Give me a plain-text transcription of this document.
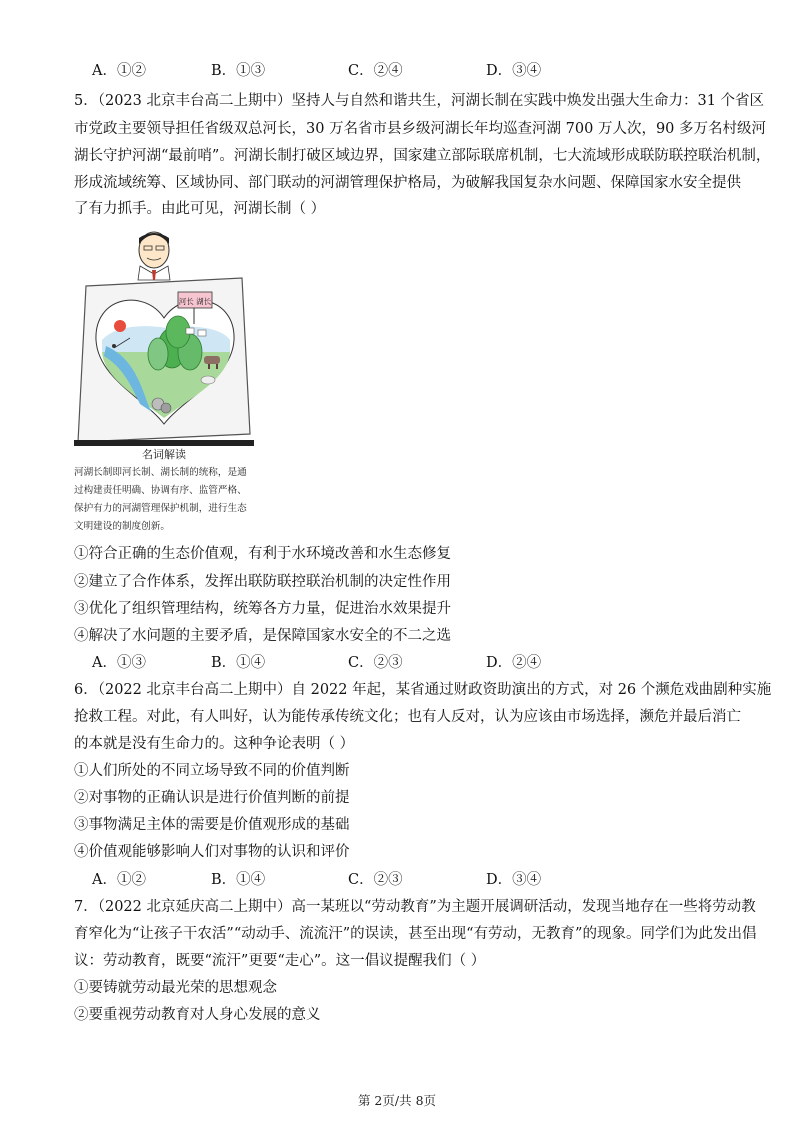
A．①②	B．①③	C．②④	D．③④
5．（2023 北京丰台高二上期中）坚持人与自然和谐共生，河湖长制在实践中焕发出强大生命力：31 个省区
市党政主要领导担任省级双总河长，30 万名省市县乡级河湖长年均巡查河湖 700 万人次，90 多万名村级河
湖长守护河湖“最前哨”。河湖长制打破区域边界，国家建立部际联席机制，七大流域形成联防联控联治机制，
形成流域统筹、区域协同、部门联动的河湖管理保护格局，为破解我国复杂水问题、保障国家水安全提供
了有力抓手。由此可见，河湖长制（ ）
河长 湖长
名词解读
河湖长制即河长制、湖长制的统称，是通
过构建责任明确、协调有序、监管严格、
保护有力的河湖管理保护机制，进行生态
文明建设的制度创新。
①符合正确的生态价值观，有利于水环境改善和水生态修复
②建立了合作体系，发挥出联防联控联治机制的决定性作用
③优化了组织管理结构，统筹各方力量，促进治水效果提升
④解决了水问题的主要矛盾，是保障国家水安全的不二之选
A．①③	B．①④	C．②③	D．②④
6．（2022 北京丰台高二上期中）自 2022 年起，某省通过财政资助演出的方式，对 26 个濒危戏曲剧种实施
抢救工程。对此，有人叫好，认为能传承传统文化；也有人反对，认为应该由市场选择，濒危并最后消亡
的本就是没有生命力的。这种争论表明（ ）
①人们所处的不同立场导致不同的价值判断
②对事物的正确认识是进行价值判断的前提
③事物满足主体的需要是价值观形成的基础
④价值观能够影响人们对事物的认识和评价
A．①②	B．①④	C．②③	D．③④
7．（2022 北京延庆高二上期中）高一某班以“劳动教育”为主题开展调研活动，发现当地存在一些将劳动教
育窄化为“让孩子干农活”“动动手、流流汗”的误读，甚至出现“有劳动，无教育”的现象。同学们为此发出倡
议：劳动教育，既要“流汗”更要“走心”。这一倡议提醒我们（ ）
①要铸就劳动最光荣的思想观念
②要重视劳动教育对人身心发展的意义
第 2页/共 8页
